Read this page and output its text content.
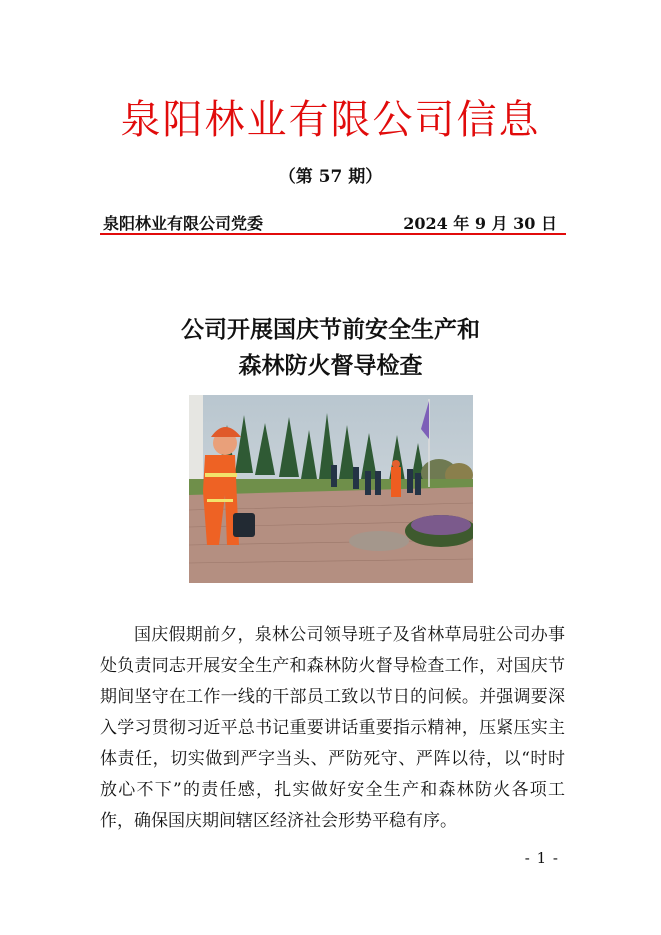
泉阳林业有限公司信息
（第 57 期）
泉阳林业有限公司党委	2024 年 9 月 30 日
公司开展国庆节前安全生产和
森林防火督导检查
国庆假期前夕，泉林公司领导班子及省林草局驻公司办事处负责同志开展安全生产和森林防火督导检查工作，对国庆节期间坚守在工作一线的干部员工致以节日的问候。并强调要深入学习贯彻习近平总书记重要讲话重要指示精神，压紧压实主体责任，切实做到严字当头、严防死守、严阵以待，以“时时放心不下”的责任感，扎实做好安全生产和森林防火各项工作，确保国庆期间辖区经济社会形势平稳有序。
- 1 -
